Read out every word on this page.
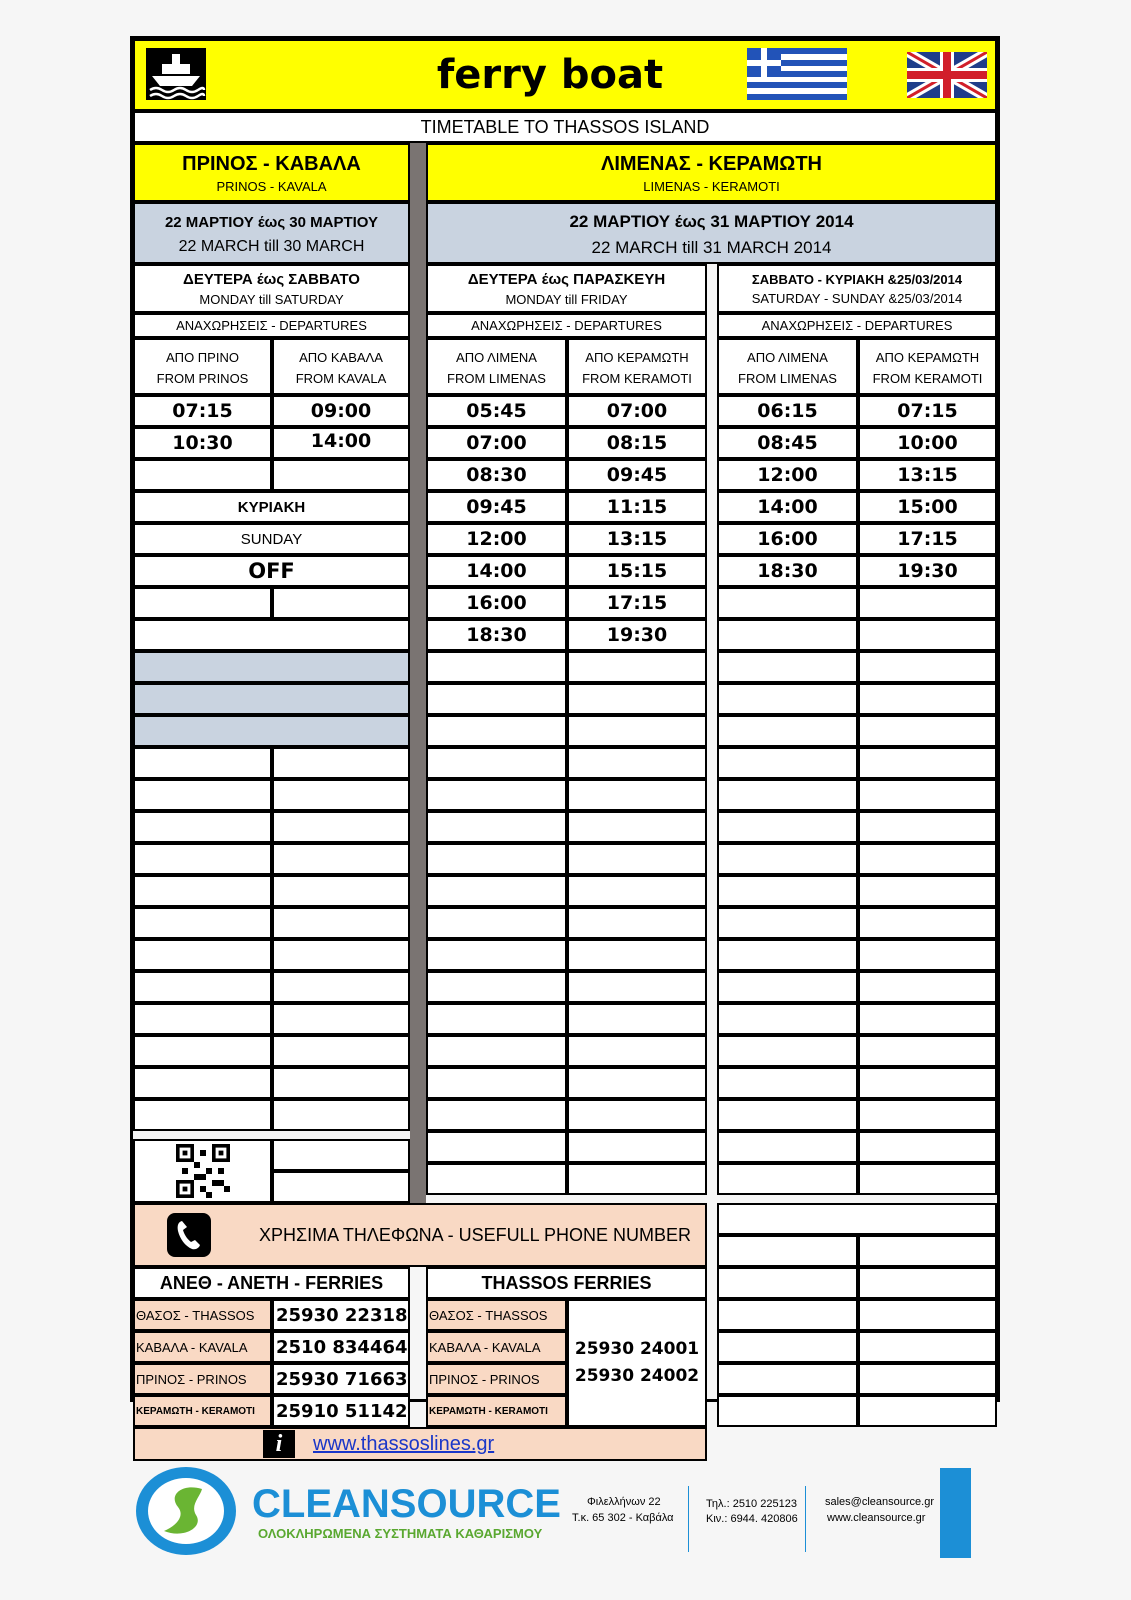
ferry boat
TIMETABLE TO THASSOS ISLAND
ΠΡΙΝΟΣ - ΚΑΒΑΛΑ
PRINOS - KAVALA
22 ΜΑΡΤΙΟΥ έως 30 ΜΑΡΤΙΟΥ
22 MARCH till 30 MARCH
ΔΕΥΤΕΡΑ έως ΣΑΒΒΑΤΟ
MONDAY till SATURDAY
ΑΝΑΧΩΡΗΣΕΙΣ - DEPARTURES
ΑΠΟ ΠΡΙΝΟ
FROM PRINOS
ΑΠΟ ΚΑΒΑΛΑ
FROM KAVALA
07:15	09:00
10:30	14:00
ΚΥΡΙΑΚΗ
SUNDAY
OFF
ΛΙΜΕΝΑΣ - ΚΕΡΑΜΩΤΗ
LIMENAS - KERAMOTI
22 ΜΑΡΤΙΟΥ έως 31 ΜΑΡΤΙΟΥ 2014
22 MARCH till 31 MARCH 2014
ΔΕΥΤΕΡΑ έως ΠΑΡΑΣΚΕΥΗ
MONDAY till FRIDAY
ΣΑΒΒΑΤΟ - ΚΥΡΙΑΚΗ &25/03/2014
SATURDAY - SUNDAY &25/03/2014
ΑΝΑΧΩΡΗΣΕΙΣ - DEPARTURES	ΑΝΑΧΩΡΗΣΕΙΣ - DEPARTURES
ΑΠΟ ΛΙΜΕΝΑ
FROM LIMENAS
ΑΠΟ ΚΕΡΑΜΩΤΗ
FROM KERAMOTI
ΑΠΟ ΛΙΜΕΝΑ
FROM LIMENAS
ΑΠΟ ΚΕΡΑΜΩΤΗ
FROM KERAMOTI
05:45	07:00	06:15	07:15
07:00	08:15	08:45	10:00
08:30	09:45	12:00	13:15
09:45	11:15	14:00	15:00
12:00	13:15	16:00	17:15
14:00	15:15	18:30	19:30
16:00	17:15
18:30	19:30
ΧΡΗΣΙΜΑ ΤΗΛΕΦΩΝΑ - USEFULL PHONE NUMBER
ΑΝΕΘ - ΑΝΕΤΗ - FERRIES	THASSOS FERRIES
ΘΑΣΟΣ - THASSOS 25930 22318
ΚΑΒΑΛΑ - KAVALA 2510 834464
ΠΡΙΝΟΣ - PRINOS 25930 71663
ΚΕΡΑΜΩΤΗ - KERAMOTI 25910 51142
ΘΑΣΟΣ - THASSOS
ΚΑΒΑΛΑ - KAVALA
ΠΡΙΝΟΣ - PRINOS
ΚΕΡΑΜΩΤΗ - KERAMOTI
25930 24001
25930 24002
i	www.thassoslines.gr
CLEANSOURCE
ΟΛΟΚΛΗΡΩΜΕΝΑ ΣΥΣΤΗΜΑΤΑ ΚΑΘΑΡΙΣΜΟΥ
Φιλελλήνων 22
Τ.κ. 65 302 - Καβάλα
Τηλ.: 2510 225123
Κιν.: 6944. 420806
sales@cleansource.gr
www.cleansource.gr
